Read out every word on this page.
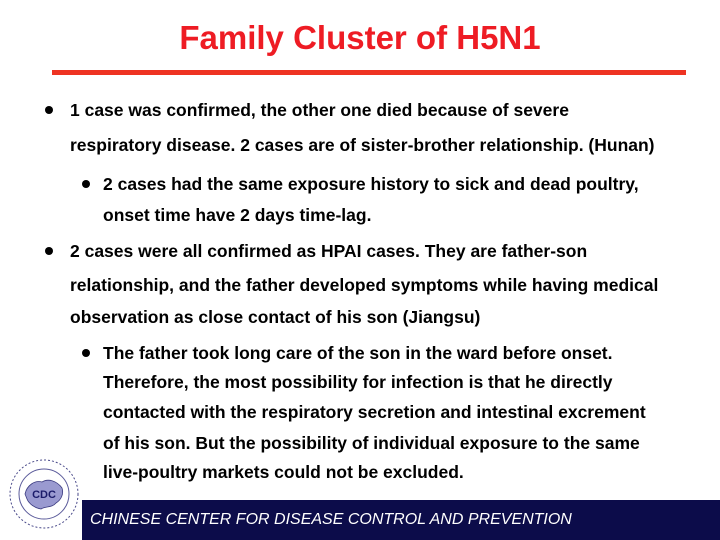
Family Cluster of H5N1
1 case was confirmed, the other one died because of severe
respiratory disease. 2 cases are of sister-brother relationship. (Hunan)
2 cases had the same exposure history to sick and dead poultry,
onset time have 2 days time-lag.
2 cases were all confirmed as HPAI cases. They are father-son
relationship, and the father developed symptoms while having medical
observation as close contact of his son (Jiangsu)
The father took long care of the son in the ward before onset.
Therefore, the most possibility for infection is that he directly
contacted with the respiratory secretion and intestinal excrement
of his son. But the possibility of individual exposure to the same
live-poultry markets could not be excluded.
CDC
CHINESE CENTER FOR DISEASE CONTROL AND PREVENTION
